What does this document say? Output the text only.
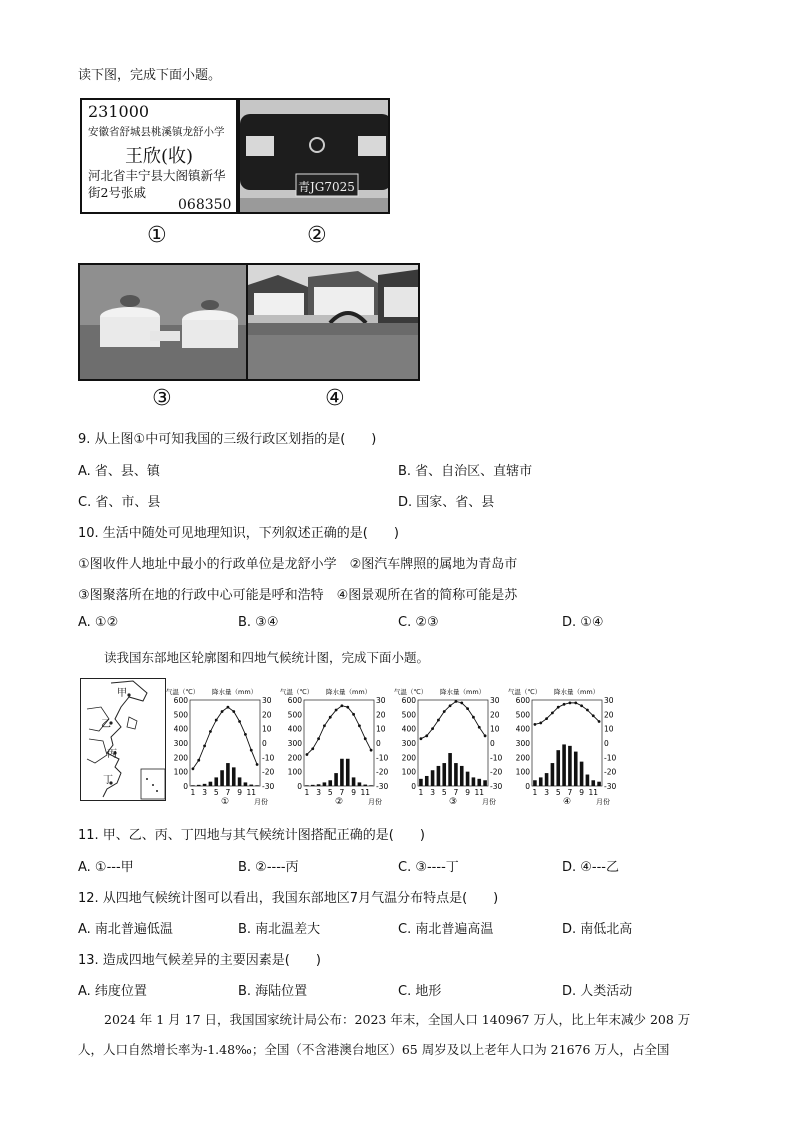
读下图，完成下面小题。
231000
安徽省舒城县桃溪镇龙舒小学
王欣(收)
河北省丰宁县大阁镇新华
街2号张戚
068350
青JG7025
①	②
③	④
9. 从上图①中可知我国的三级行政区划指的是(　　)
A. 省、县、镇	B. 省、自治区、直辖市
C. 省、市、县	D. 国家、省、县
10. 生活中随处可见地理知识，下列叙述正确的是(　　)
①图收件人地址中最小的行政单位是龙舒小学　②图汽车牌照的属地为青岛市
③图聚落所在地的行政中心可能是呼和浩特　④图景观所在省的简称可能是苏
A. ①②	B. ③④	C. ②③	D. ①④
读我国东部地区轮廓图和四地气候统计图，完成下面小题。
甲
乙
丙
丁
气温（℃） 降水量（mm）
600	30
500	20
400	10
300	0
200	-10
100	-20
0	-30
1 3 5 7 9 11
①	月份
气温（℃） 降水量（mm）
600	30
500	20
400	10
300	0
200	-10
100	-20
0	-30
1 3 5 7 9 11
②	月份
气温（℃） 降水量（mm）
600	30
500	20
400	10
300	0
200	-10
100	-20
0	-30
1 3 5 7 9 11
③	月份
气温（℃） 降水量（mm）
600	30
500	20
400	10
300	0
200	-10
100	-20
0	-30
1 3 5 7 9 11
④	月份
11. 甲、乙、丙、丁四地与其气候统计图搭配正确的是(　　)
A. ①---甲	B. ②----丙	C. ③----丁	D. ④---乙
12. 从四地气候统计图可以看出，我国东部地区7月气温分布特点是(　　)
A. 南北普遍低温	B. 南北温差大	C. 南北普遍高温	D. 南低北高
13. 造成四地气候差异的主要因素是(　　)
A. 纬度位置	B. 海陆位置	C. 地形	D. 人类活动
2024 年 1 月 17 日，我国国家统计局公布：2023 年末，全国人口 140967 万人，比上年末减少 208 万
人，人口自然增长率为-1.48‰；全国（不含港澳台地区）65 周岁及以上老年人口为 21676 万人，占全国
